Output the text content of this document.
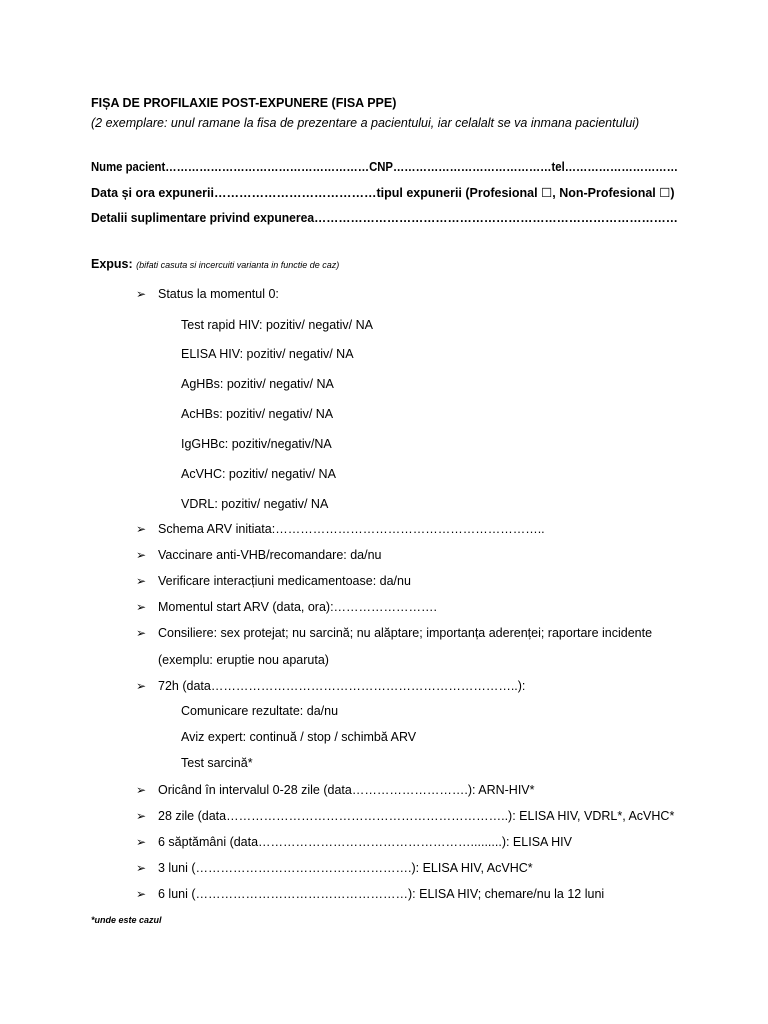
FIȘA DE PROFILAXIE POST-EXPUNERE (FISA PPE)
(2 exemplare: unul ramane la fisa de prezentare a pacientului, iar celalalt se va inmana pacientului)
Nume pacient………………………………………………CNP……………………………………tel…………………………
Data și ora expunerii…………………………………tipul expunerii (Profesional ☐, Non-Profesional ☐)
Detalii suplimentare privind expunerea………………………………………………………………………………
Expus: (bifati casuta si incercuiti varianta in functie de caz)
➢ Status la momentul 0:
Test rapid HIV: pozitiv/ negativ/ NA
ELISA HIV: pozitiv/ negativ/ NA
AgHBs: pozitiv/ negativ/ NA
AcHBs: pozitiv/ negativ/ NA
IgGHBc: pozitiv/negativ/NA
AcVHC: pozitiv/ negativ/ NA
VDRL: pozitiv/ negativ/ NA
➢ Schema ARV initiata:………………………………………………………..
➢ Vaccinare anti-VHB/recomandare: da/nu
➢ Verificare interacțiuni medicamentoase: da/nu
➢ Momentul start ARV (data, ora):…………………….
➢ Consiliere: sex protejat; nu sarcină; nu alăptare; importanța aderenței; raportare incidente
(exemplu: eruptie nou aparuta)
➢ 72h (data………………………………………………………………..):
Comunicare rezultate: da/nu
Aviz expert: continuă / stop / schimbă ARV
Test sarcină*
➢ Oricând în intervalul 0-28 zile (data……………………….): ARN-HIV*
➢ 28 zile (data…………………………………………………………..): ELISA HIV, VDRL*, AcVHC*
➢ 6 săptămâni (data…………………………………………….........): ELISA HIV
➢ 3 luni (…………………………………………….): ELISA HIV, AcVHC*
➢ 6 luni (……………………………………………): ELISA HIV; chemare/nu la 12 luni
*unde este cazul
